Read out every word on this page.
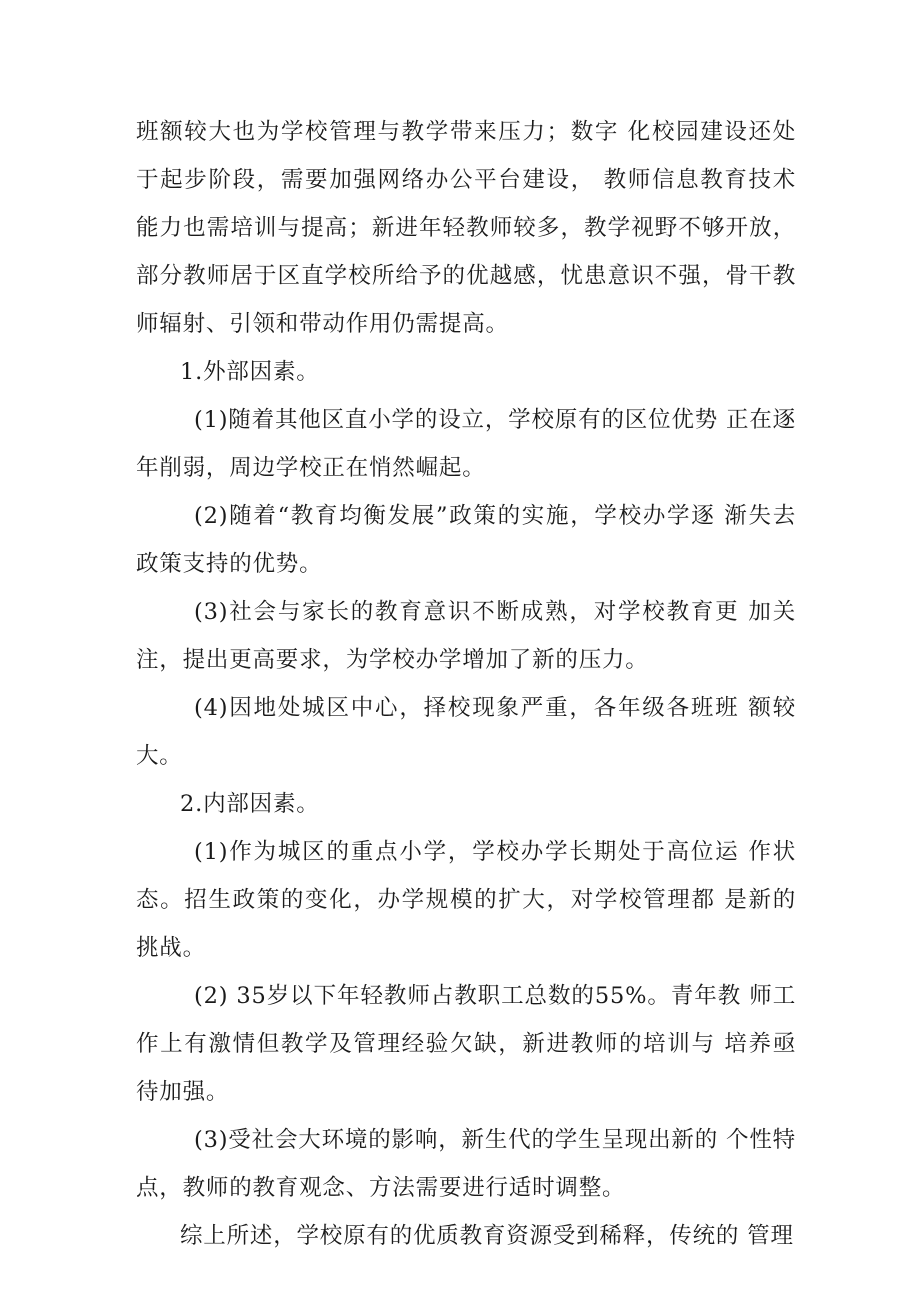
班额较大也为学校管理与教学带来压力；数字 化校园建设还处于起步阶段，需要加强网络办公平台建设， 教师信息教育技术能力也需培训与提高；新进年轻教师较多，教学视野不够开放，部分教师居于区直学校所给予的优越感，忧患意识不强，骨干教师辐射、引领和带动作用仍需提高。

1.外部因素。

(1)随着其他区直小学的设立，学校原有的区位优势 正在逐年削弱，周边学校正在悄然崛起。

(2)随着“教育均衡发展”政策的实施，学校办学逐 渐失去政策支持的优势。

(3)社会与家长的教育意识不断成熟，对学校教育更 加关注，提出更高要求，为学校办学增加了新的压力。

(4)因地处城区中心，择校现象严重，各年级各班班 额较大。

2.内部因素。

(1)作为城区的重点小学，学校办学长期处于高位运 作状态。招生政策的变化，办学规模的扩大，对学校管理都 是新的挑战。

(2) 35岁以下年轻教师占教职工总数的55%。青年教 师工作上有激情但教学及管理经验欠缺，新进教师的培训与 培养亟待加强。

(3)受社会大环境的影响，新生代的学生呈现出新的 个性特点，教师的教育观念、方法需要进行适时调整。

综上所述，学校原有的优质教育资源受到稀释，传统的 管理
